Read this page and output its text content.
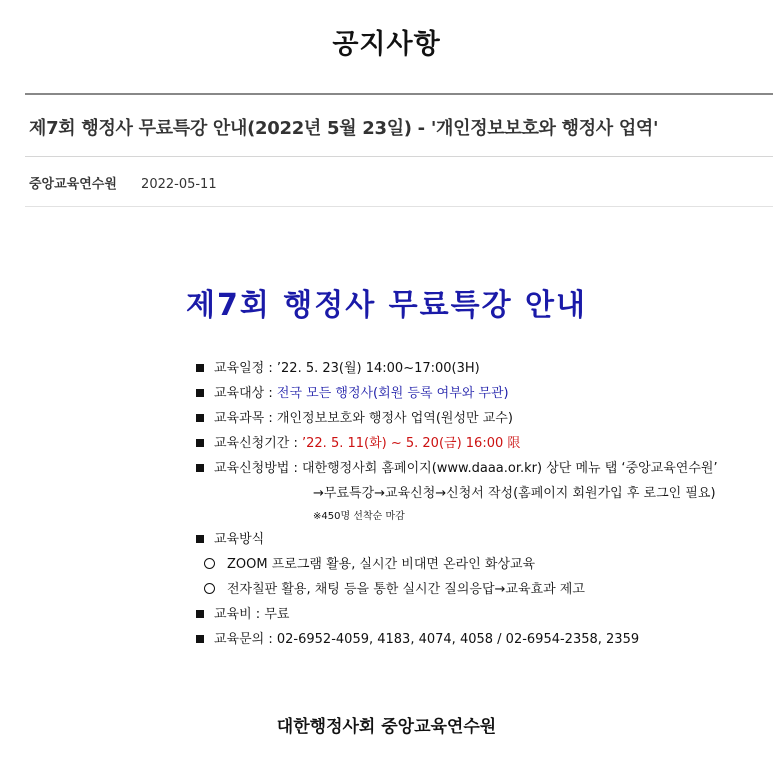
공지사항
제7회 행정사 무료특강 안내(2022년 5월 23일) - '개인정보보호와 행정사 업역'
중앙교육연수원 2022-05-11
제7회 행정사 무료특강 안내
교육일정 : ’22. 5. 23(월) 14:00~17:00(3H)
교육대상 : 전국 모든 행정사(회원 등록 여부와 무관)
교육과목 : 개인정보보호와 행정사 업역(원성만 교수)
교육신청기간 : ’22. 5. 11(화) ~ 5. 20(금) 16:00 限
교육신청방법 : 대한행정사회 홈페이지(www.daaa.or.kr) 상단 메뉴 탭 ‘중앙교육연수원’
→무료특강→교육신청→신청서 작성(홈페이지 회원가입 후 로그인 필요)
※450명 선착순 마감
교육방식
ZOOM 프로그램 활용, 실시간 비대면 온라인 화상교육
전자칠판 활용, 채팅 등을 통한 실시간 질의응답→교육효과 제고
교육비 : 무료
교육문의 : 02-6952-4059, 4183, 4074, 4058 / 02-6954-2358, 2359
대한행정사회 중앙교육연수원
